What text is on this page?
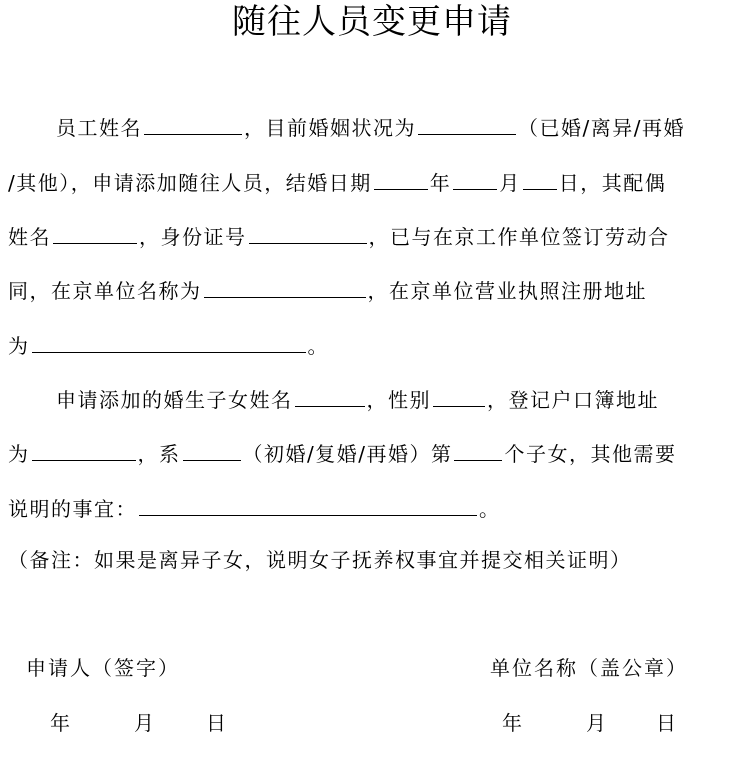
随往人员变更申请
员工姓名	，目前婚姻状况为	（已婚/离异/再婚
/其他），申请添加随往人员，结婚日期	年 月 日，其配偶
姓名	，身份证号	，已与在京工作单位签订劳动合
同，在京单位名称为	，在京单位营业执照注册地址
为	。
申请添加的婚生子女姓名	，性别	，登记户口簿地址
为	，系	（初婚/复婚/再婚）第	个子女，其他需要
说明的事宜：	。
（备注：如果是离异子女，说明女子抚养权事宜并提交相关证明）
申请人（签字）	单位名称（盖公章）
年	月	日	年	月	日
